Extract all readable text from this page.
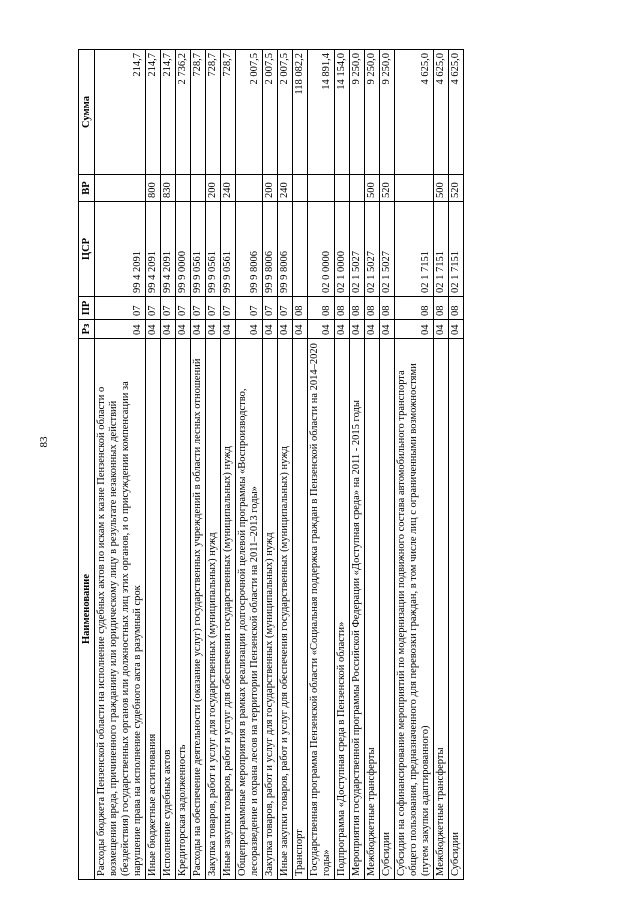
83
Наименование	Рз	ПР	ЦСР	ВР	Сумма
Расходы бюджета Пензенской области на исполнение судебных актов по искам к казне Пензенской области о возмещении вреда, причиненного гражданину или юридическому лицу в результате незаконных действий (бездействия) государственных органов или должностных лиц этих органов, и о присуждении компенсации за нарушение права на исполнение судебного акта в разумный срок	04	07	99 4 2091		214,7
Иные бюджетные ассигнования	04	07	99 4 2091	800	214,7
Исполнение судебных актов	04	07	99 4 2091	830	214,7
Кредиторская задолженность	04	07	99 9 0000		2 736,2
Расходы на обеспечение деятельности (оказание услуг) государственных учреждений в области лесных отношений	04	07	99 9 0561		728,7
Закупка товаров, работ и услуг для государственных (муниципальных) нужд	04	07	99 9 0561	200	728,7
Иные закупки товаров, работ и услуг для обеспечения государственных (муниципальных) нужд	04	07	99 9 0561	240	728,7
Общепрограммные мероприятия в рамках реализации долгосрочной целевой программы «Воспроизводство, лесоразведение и охрана лесов на территории Пензенской области на 2011–2013 годы»	04	07	99 9 8006		2 007,5
Закупка товаров, работ и услуг для государственных (муниципальных) нужд	04	07	99 9 8006	200	2 007,5
Иные закупки товаров, работ и услуг для обеспечения государственных (муниципальных) нужд	04	07	99 9 8006	240	2 007,5
Транспорт	04	08			118 082,2
Государственная программа Пензенской области «Социальная поддержка граждан в Пензенской области на 2014–2020 годы»	04	08	02 0 0000		14 891,4
Подпрограмма «Доступная среда в Пензенской области»	04	08	02 1 0000		14 154,0
Мероприятия государственной программы Российской Федерации «Доступная среда» на 2011 - 2015 годы	04	08	02 1 5027		9 250,0
Межбюджетные трансферты	04	08	02 1 5027	500	9 250,0
Субсидии	04	08	02 1 5027	520	9 250,0
Субсидии на софинансирование мероприятий по модернизации подвижного состава автомобильного транспорта общего пользования, предназначенного для перевозки граждан, в том числе лиц с ограниченными возможностями (путем закупки адаптированного)	04	08	02 1 7151		4 625,0
Межбюджетные трансферты	04	08	02 1 7151	500	4 625,0
Субсидии	04	08	02 1 7151	520	4 625,0
